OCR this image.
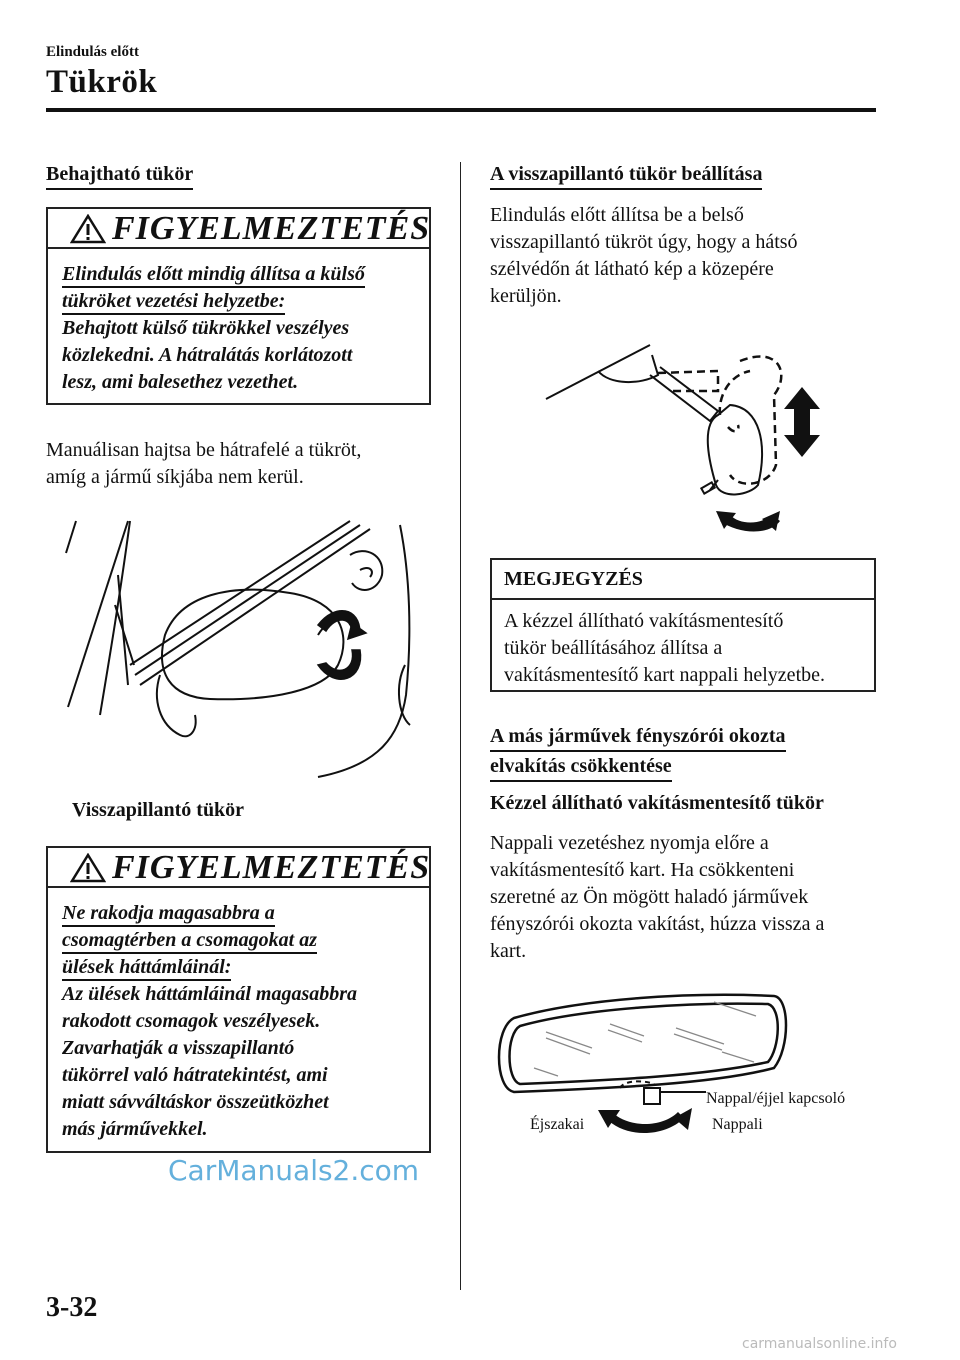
Elindulás előtt
Tükrök
Behajtható tükör
FIGYELMEZTETÉS
Elindulás előtt mindig állítsa a külső
tükröket vezetési helyzetbe:
Behajtott külső tükrökkel veszélyes
közlekedni. A hátralátás korlátozott
lesz, ami balesethez vezethet.
Manuálisan hajtsa be hátrafelé a tükröt,
amíg a jármű síkjába nem kerül.
Visszapillantó tükör
FIGYELMEZTETÉS
Ne rakodja magasabbra a
csomagtérben a csomagokat az
ülések háttámláinál:
Az ülések háttámláinál magasabbra
rakodott csomagok veszélyesek.
Zavarhatják a visszapillantó
tükörrel való hátratekintést, ami
miatt sávváltáskor összeütközhet
más járművekkel.
A visszapillantó tükör beállítása
Elindulás előtt állítsa be a belső
visszapillantó tükröt úgy, hogy a hátsó
szélvédőn át látható kép a közepére
kerüljön.
MEGJEGYZÉS
A kézzel állítható vakításmentesítő
tükör beállításához állítsa a
vakításmentesítő kart nappali helyzetbe.
A más járművek fényszórói okozta
elvakítás csökkentése
Kézzel állítható vakításmentesítő tükör
Nappali vezetéshez nyomja előre a
vakításmentesítő kart. Ha csökkenteni
szeretné az Ön mögött haladó járművek
fényszórói okozta vakítást, húzza vissza a
kart.
Nappal/éjjel kapcsoló
Éjszakai	Nappali
CarManuals2.com
3-32
carmanualsonline.info
